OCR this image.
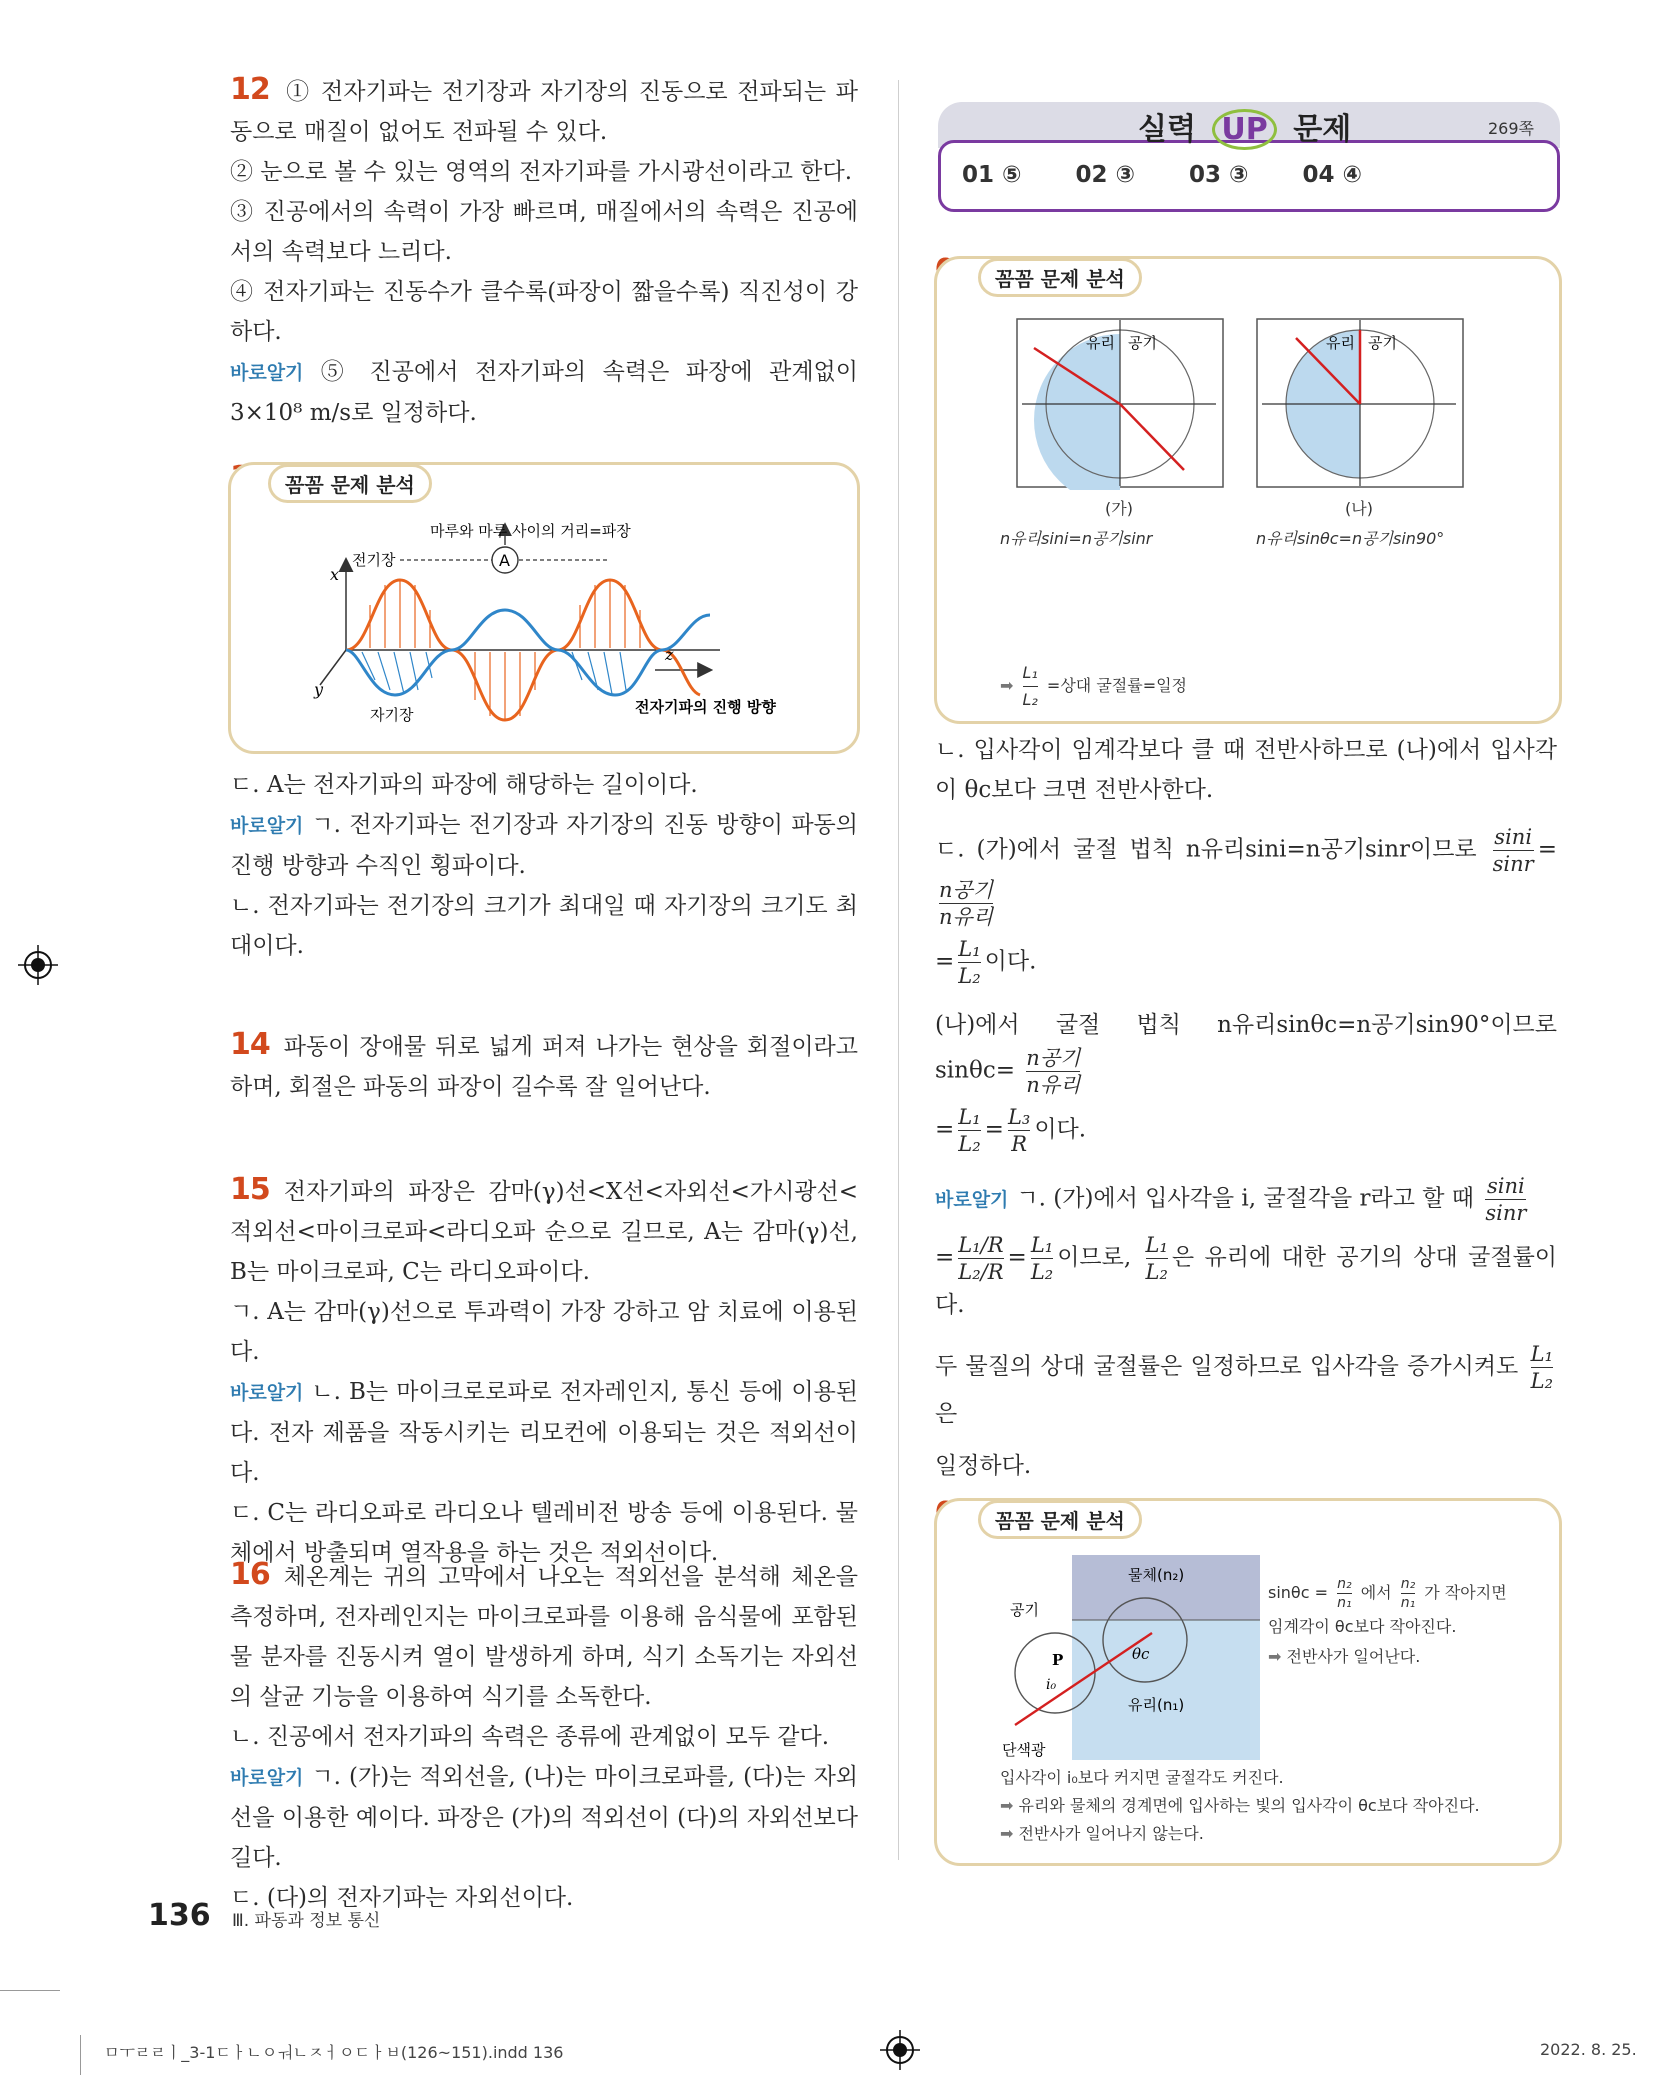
12 ① 전자기파는 전기장과 자기장의 진동으로 전파되는 파동으로 매질이 없어도 전파될 수 있다.

② 눈으로 볼 수 있는 영역의 전자기파를 가시광선이라고 한다.

③ 진공에서의 속력이 가장 빠르며, 매질에서의 속력은 진공에서의 속력보다 느리다.

④ 전자기파는 진동수가 클수록(파장이 짧을수록) 직진성이 강하다.

바로알기 ⑤ 진공에서 전자기파의 속력은 파장에 관계없이 3×10⁸ m/s로 일정하다.

꼼꼼 문제 분석
A
x
y
z
전기장
자기장
마루와 마루 사이의 거리=파장
전자기파의 진행 방향

ㄷ. A는 전자기파의 파장에 해당하는 길이이다.

바로알기 ㄱ. 전자기파는 전기장과 자기장의 진동 방향이 파동의 진행 방향과 수직인 횡파이다.

ㄴ. 전자기파는 전기장의 크기가 최대일 때 자기장의 크기도 최대이다.

14 파동이 장애물 뒤로 넓게 퍼져 나가는 현상을 회절이라고 하며, 회절은 파동의 파장이 길수록 잘 일어난다.

15 전자기파의 파장은 감마(γ)선<X선<자외선<가시광선<적외선<마이크로파<라디오파 순으로 길므로, A는 감마(γ)선, B는 마이크로파, C는 라디오파이다.

ㄱ. A는 감마(γ)선으로 투과력이 가장 강하고 암 치료에 이용된다.

바로알기 ㄴ. B는 마이크로로파로 전자레인지, 통신 등에 이용된다. 전자 제품을 작동시키는 리모컨에 이용되는 것은 적외선이다.

ㄷ. C는 라디오파로 라디오나 텔레비전 방송 등에 이용된다. 물체에서 방출되며 열작용을 하는 것은 적외선이다.

16 체온계는 귀의 고막에서 나오는 적외선을 분석해 체온을 측정하며, 전자레인지는 마이크로파를 이용해 음식물에 포함된 물 분자를 진동시켜 열이 발생하게 하며, 식기 소독기는 자외선의 살균 기능을 이용하여 식기를 소독한다.

ㄴ. 진공에서 전자기파의 속력은 종류에 관계없이 모두 같다.

바로알기 ㄱ. (가)는 적외선을, (나)는 마이크로파를, (다)는 자외선을 이용한 예이다. 파장은 (가)의 적외선이 (다)의 자외선보다 길다.

ㄷ. (다)의 전자기파는 자외선이다.

실력 UP 문제	269쪽
01 ⑤ 02 ③ 03 ③ 04 ④
꼼꼼 문제 분석
유리 공기
(가)
유리 공기
(나)
n유리sini=n공기sinr	n유리sinθc=n공기sin90°
➡ $\frac{\text{L₁}}{\text{L₂}}$ =상대 굴절률=일정

ㄴ. 입사각이 임계각보다 클 때 전반사하므로 (나)에서 입사각이 θc보다 크면 전반사한다.

ㄷ. (가)에서 굴절 법칙 n유리sini=n공기sinr이므로 $\frac{\sin i}{\sin r}$ =
$\frac{\text{n공기}}{\text{n유리}}$

= $\frac{\text{L₁}}{\text{L₂}}$ 이다.

(나)에서 굴절 법칙 n유리sinθc=n공기sin90°이므로 $\sin\theta c= \frac{\text{n공기}}{\text{n유리}}$

= $\frac{\text{L₁}}{\text{L₂}} = \frac{\text{L₃}}{R}$ 이다.

바로알기 ㄱ. (가)에서 입사각을 i, 굴절각을 r라고 할 때 $\frac{\sin i}{\sin r}$

= $\frac{\text{L₁/R}}{\text{L₂/R}} = \frac{\text{L₁}}{\text{L₂}}$ 이므로, $\frac{\text{L₁}}{\text{L₂}}$ 은 유리에 대한 공기의 상대 굴절률이다.

두 물질의 상대 굴절률은 일정하므로 입사각을 증가시켜도 $\frac{\text{L₁}}{\text{L₂}}$
은

일정하다.

꼼꼼 문제 분석
물체(n₂)
공기
유리(n₁)
P
i₀
θc
단색광
$\sin\theta c = \frac{\text{n₂}}{\text{n₁}}$ 에서 $\frac{\text{n₂}}{\text{n₁}}$ 가 작아지면
임계각이 θc보다 작아진다.
➡ 전반사가 일어난다.
입사각이 i₀보다 커지면 굴절각도 커진다.
➡ 유리와 물체의 경계면에 입사하는 빛의 입사각이 θc보다 작아진다.
➡ 전반사가 일어나지 않는다.
136 Ⅲ. 파동과 정보 통신
ㅁㅜㄹㄹㅣ_3-1ㄷㅏㄴㅇㅝㄴㅈㅓㅇㄷㅏㅂ(126~151).indd 136	2022. 8. 25.
